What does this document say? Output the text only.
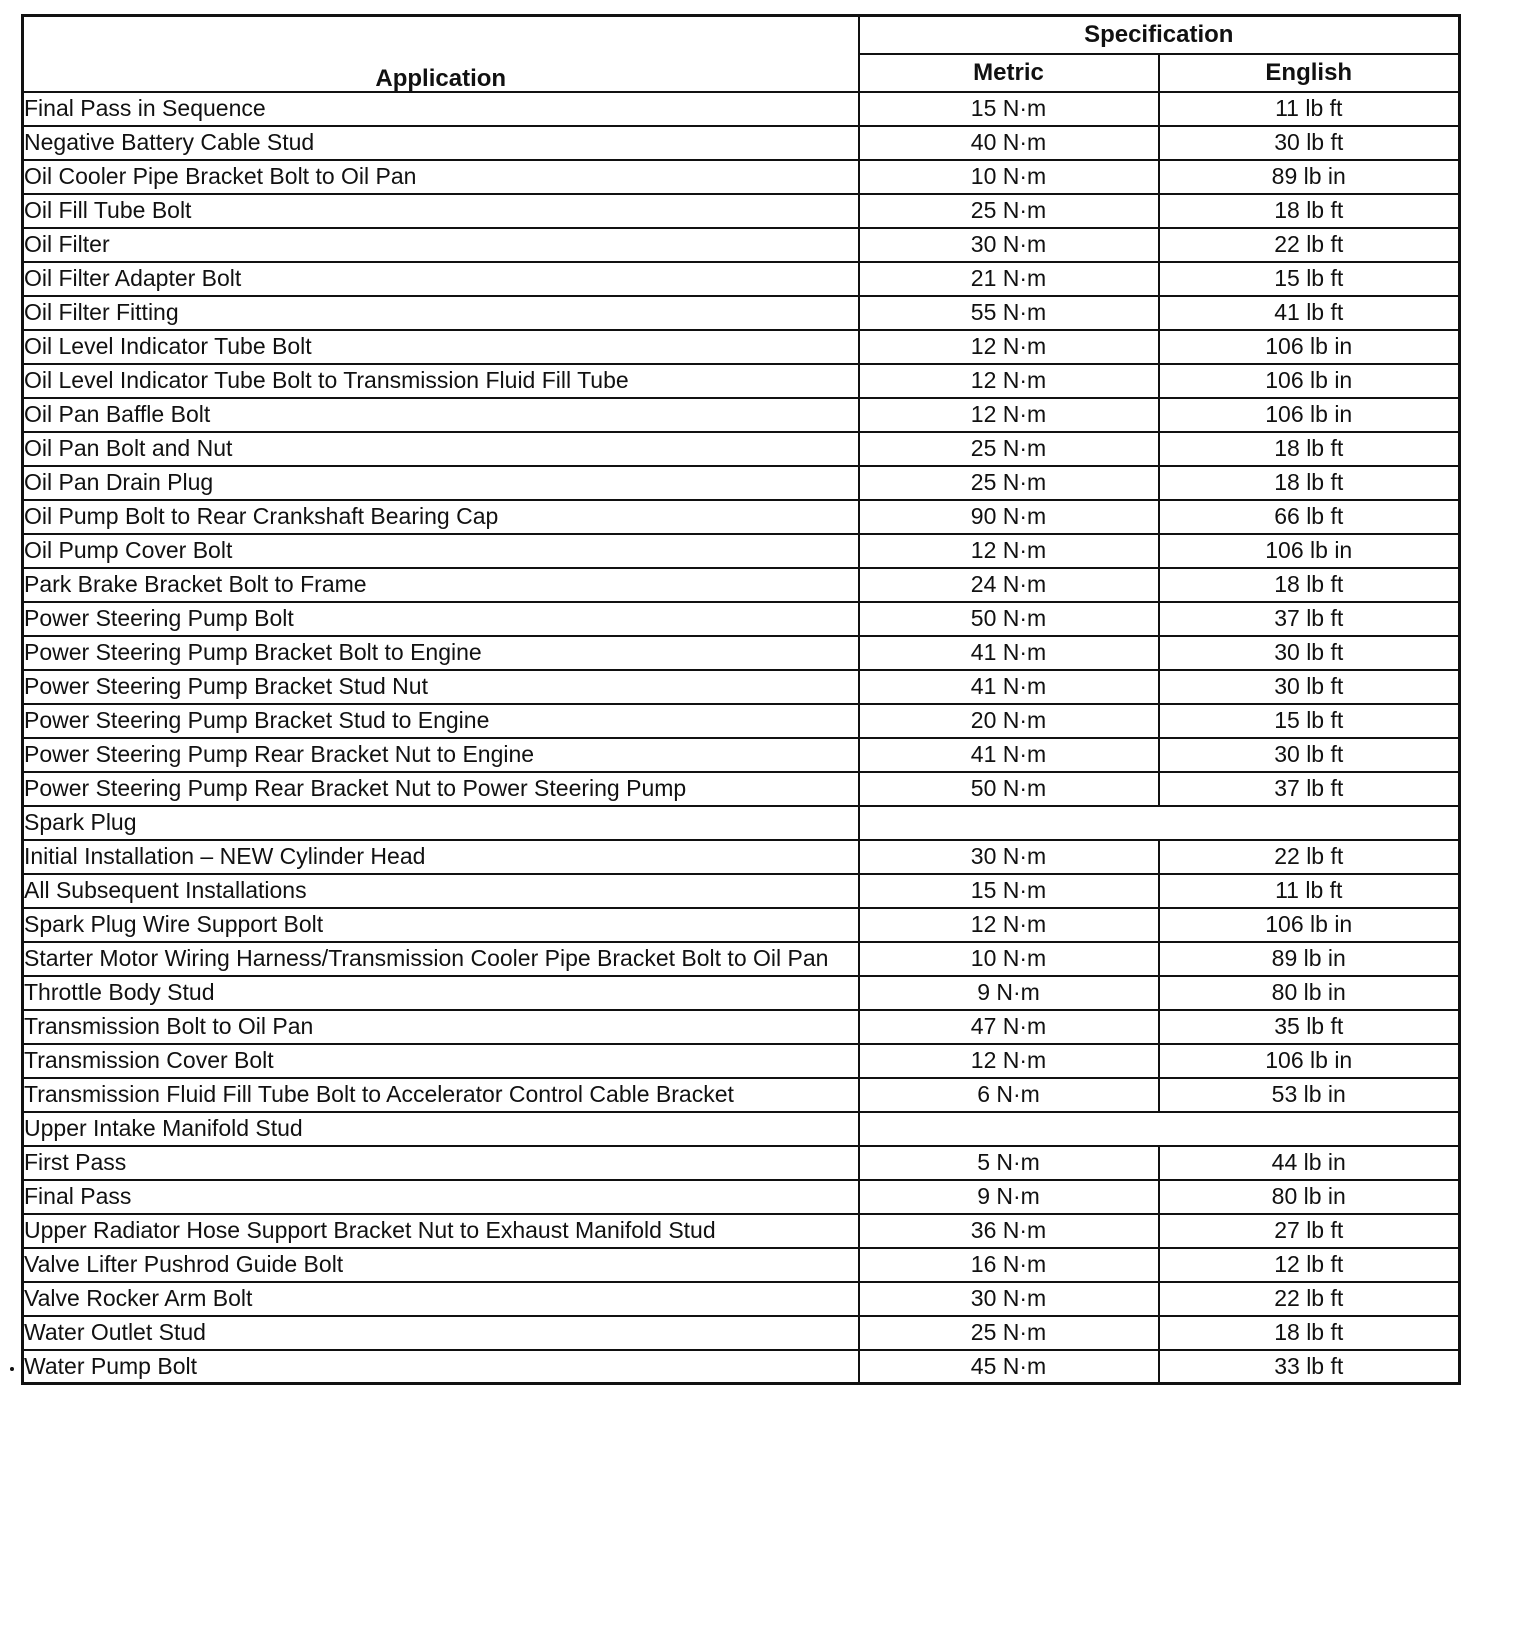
Application	Specification	
	Metric	English
Final Pass in Sequence	15 N·m	11 lb ft
Negative Battery Cable Stud	40 N·m	30 lb ft
Oil Cooler Pipe Bracket Bolt to Oil Pan	10 N·m	89 lb in
Oil Fill Tube Bolt	25 N·m	18 lb ft
Oil Filter	30 N·m	22 lb ft
Oil Filter Adapter Bolt	21 N·m	15 lb ft
Oil Filter Fitting	55 N·m	41 lb ft
Oil Level Indicator Tube Bolt	12 N·m	106 lb in
Oil Level Indicator Tube Bolt to Transmission Fluid Fill Tube	12 N·m	106 lb in
Oil Pan Baffle Bolt	12 N·m	106 lb in
Oil Pan Bolt and Nut	25 N·m	18 lb ft
Oil Pan Drain Plug	25 N·m	18 lb ft
Oil Pump Bolt to Rear Crankshaft Bearing Cap	90 N·m	66 lb ft
Oil Pump Cover Bolt	12 N·m	106 lb in
Park Brake Bracket Bolt to Frame	24 N·m	18 lb ft
Power Steering Pump Bolt	50 N·m	37 lb ft
Power Steering Pump Bracket Bolt to Engine	41 N·m	30 lb ft
Power Steering Pump Bracket Stud Nut	41 N·m	30 lb ft
Power Steering Pump Bracket Stud to Engine	20 N·m	15 lb ft
Power Steering Pump Rear Bracket Nut to Engine	41 N·m	30 lb ft
Power Steering Pump Rear Bracket Nut to Power Steering Pump	50 N·m	37 lb ft
Spark Plug		
Initial Installation – NEW Cylinder Head	30 N·m	22 lb ft
All Subsequent Installations	15 N·m	11 lb ft
Spark Plug Wire Support Bolt	12 N·m	106 lb in
Starter Motor Wiring Harness/Transmission Cooler Pipe Bracket Bolt to Oil Pan	10 N·m	89 lb in
Throttle Body Stud	9 N·m	80 lb in
Transmission Bolt to Oil Pan	47 N·m	35 lb ft
Transmission Cover Bolt	12 N·m	106 lb in
Transmission Fluid Fill Tube Bolt to Accelerator Control Cable Bracket	6 N·m	53 lb in
Upper Intake Manifold Stud		
First Pass	5 N·m	44 lb in
Final Pass	9 N·m	80 lb in
Upper Radiator Hose Support Bracket Nut to Exhaust Manifold Stud	36 N·m	27 lb ft
Valve Lifter Pushrod Guide Bolt	16 N·m	12 lb ft
Valve Rocker Arm Bolt	30 N·m	22 lb ft
Water Outlet Stud	25 N·m	18 lb ft
Water Pump Bolt	45 N·m	33 lb ft
